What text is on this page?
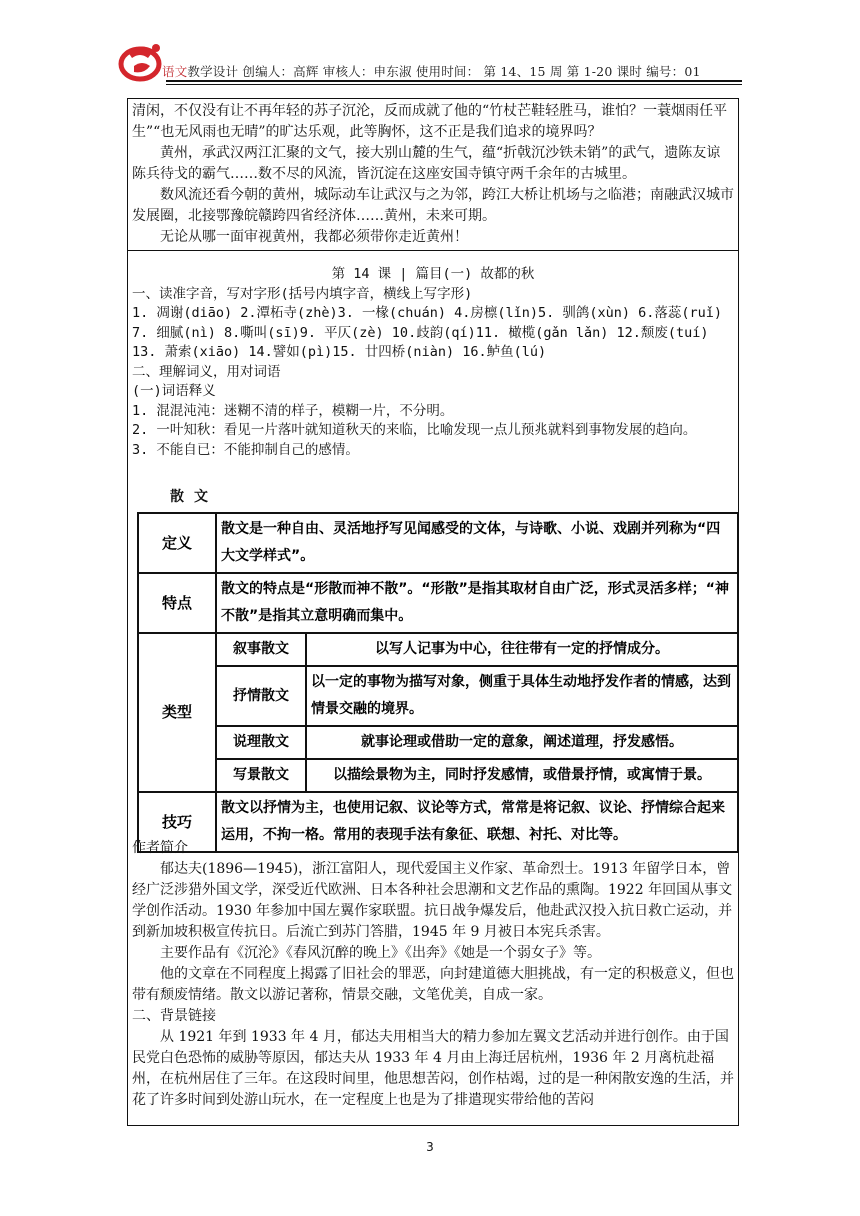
语文教学设计 创编人：高辉 审核人：申东淑 使用时间： 第 14、15 周 第 1-20 课时 编号：01
清闲，不仅没有让不再年轻的苏子沉沦，反而成就了他的“竹杖芒鞋轻胜马，谁怕？一蓑烟雨任平生”“也无风雨也无晴”的旷达乐观，此等胸怀，这不正是我们追求的境界吗？
黄州，承武汉两江汇聚的文气，接大别山麓的生气，蕴“折戟沉沙铁未销”的武气，遗陈友谅陈兵待戈的霸气……数不尽的风流，皆沉淀在这座安国寺镇守两千余年的古城里。
数风流还看今朝的黄州，城际动车让武汉与之为邻，跨江大桥让机场与之临港；南融武汉城市发展圈，北接鄂豫皖赣跨四省经济体……黄州，未来可期。
无论从哪一面审视黄州，我都必须带你走近黄州！
第 14 课 | 篇目(一) 故都的秋
一、读准字音，写对字形(括号内填字音，横线上写字形)
1. 凋谢(diāo) 2.潭柘寺(zhè)3. 一椽(chuán) 4.房檩(lǐn)5. 驯鸽(xùn) 6.落蕊(ruǐ)
7. 细腻(nì) 8.嘶叫(sī)9. 平仄(zè) 10.歧韵(qí)11. 橄榄(gǎn lǎn) 12.颓废(tuí)
13. 萧索(xiāo) 14.譬如(pì)15. 廿四桥(niàn) 16.鲈鱼(lú)
二、理解词义，用对词语
(一)词语释义
1. 混混沌沌：迷糊不清的样子，模糊一片，不分明。
2. 一叶知秋：看见一片落叶就知道秋天的来临，比喻发现一点儿预兆就料到事物发展的趋向。
3. 不能自已：不能抑制自己的感情。
散文
定义	散文是一种自由、灵活地抒写见闻感受的文体，与诗歌、小说、戏剧并列称为“四大文学样式”。	
特点	散文的特点是“形散而神不散”。“形散”是指其取材自由广泛，形式灵活多样；“神不散”是指其立意明确而集中。	
类型	叙事散文	以写人记事为中心，往往带有一定的抒情成分。
	抒情散文	以一定的事物为描写对象，侧重于具体生动地抒发作者的情感，达到情景交融的境界。
	说理散文	就事论理或借助一定的意象，阐述道理，抒发感悟。
	写景散文	以描绘景物为主，同时抒发感情，或借景抒情，或寓情于景。
技巧	散文以抒情为主，也使用记叙、议论等方式，常常是将记叙、议论、抒情综合起来运用，不拘一格。常用的表现手法有象征、联想、衬托、对比等。	
作者简介
郁达夫(1896—1945)，浙江富阳人，现代爱国主义作家、革命烈士。1913 年留学日本，曾经广泛涉猎外国文学，深受近代欧洲、日本各种社会思潮和文艺作品的熏陶。1922 年回国从事文学创作活动。1930 年参加中国左翼作家联盟。抗日战争爆发后，他赴武汉投入抗日救亡运动，并到新加坡积极宣传抗日。后流亡到苏门答腊，1945 年 9 月被日本宪兵杀害。
主要作品有《沉沦》《春风沉醉的晚上》《出奔》《她是一个弱女子》等。
他的文章在不同程度上揭露了旧社会的罪恶，向封建道德大胆挑战，有一定的积极意义，但也带有颓废情绪。散文以游记著称，情景交融，文笔优美，自成一家。
二、背景链接
从 1921 年到 1933 年 4 月，郁达夫用相当大的精力参加左翼文艺活动并进行创作。由于国民党白色恐怖的威胁等原因，郁达夫从 1933 年 4 月由上海迁居杭州，1936 年 2 月离杭赴福州，在杭州居住了三年。在这段时间里，他思想苦闷，创作枯竭，过的是一种闲散安逸的生活，并花了许多时间到处游山玩水，在一定程度上也是为了排遣现实带给他的苦闷
3
